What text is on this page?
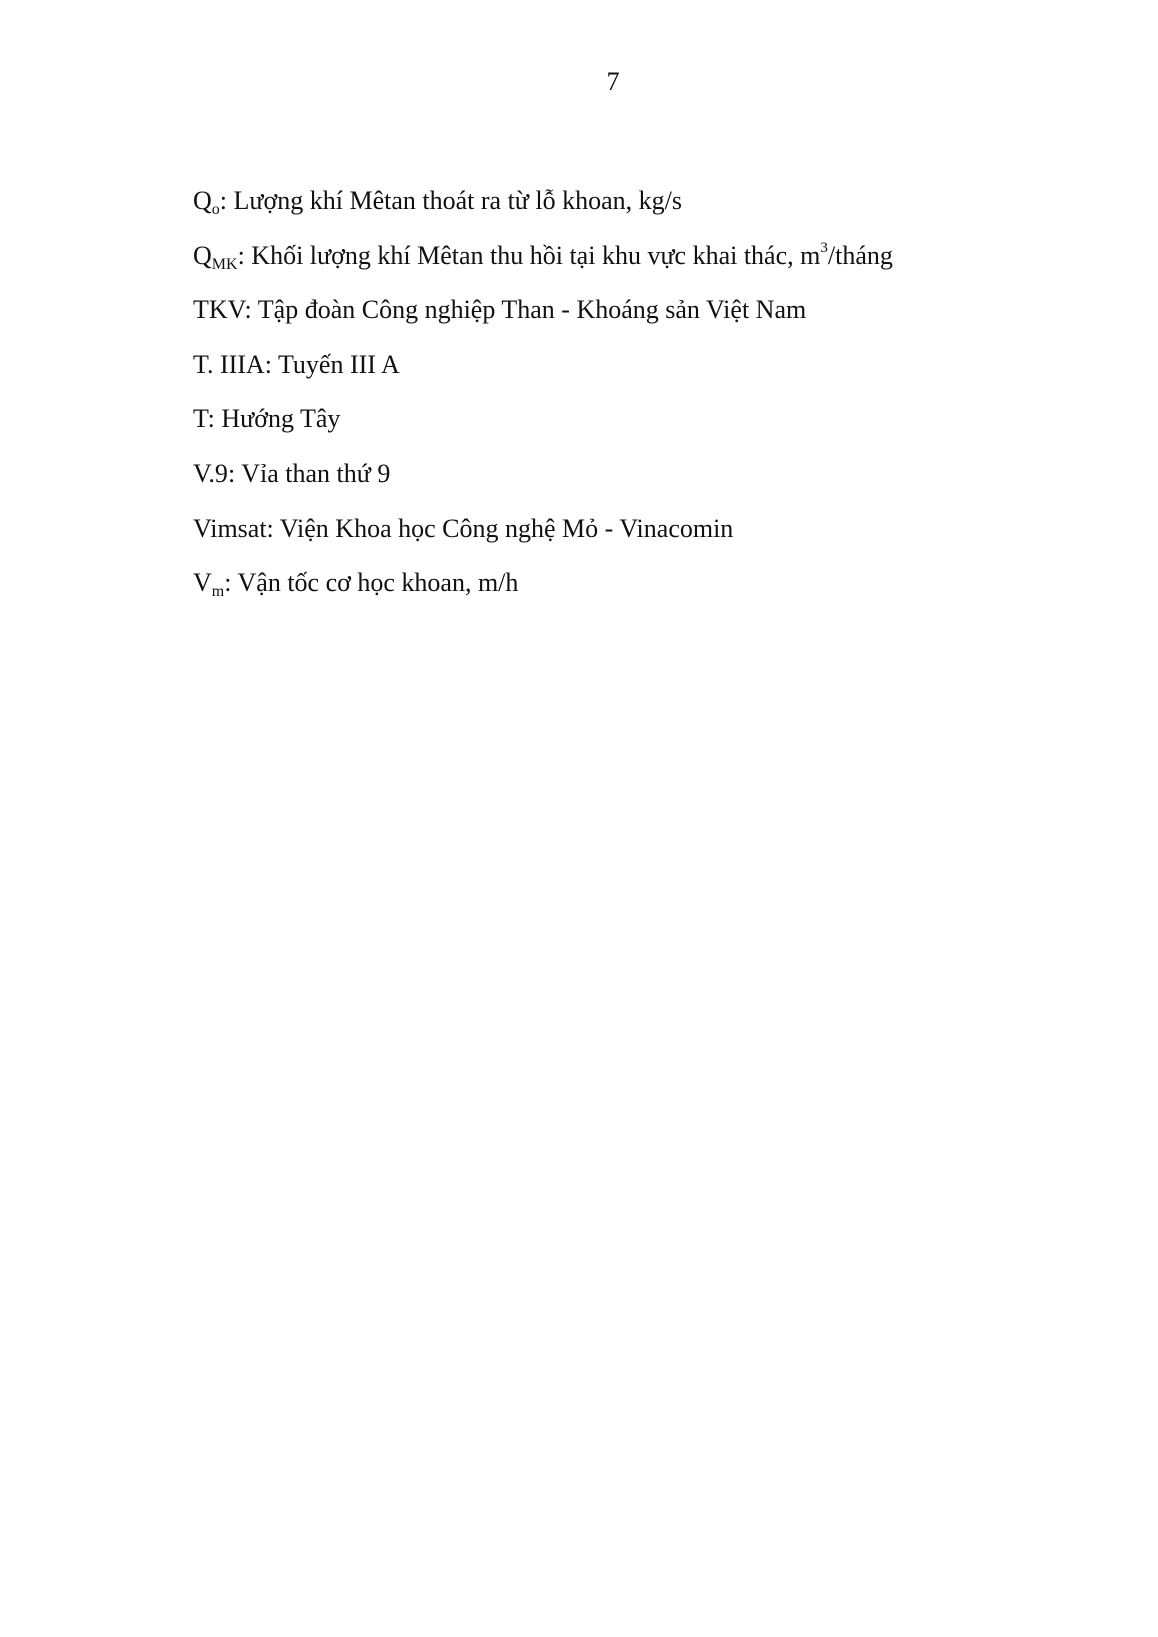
7
$Q_o$: Lượng khí Mêtan thoát ra từ lỗ khoan, kg/s
$Q_{MK}$: Khối lượng khí Mêtan thu hồi tại khu vực khai thác, $m^3$/tháng
TKV: Tập đoàn Công nghiệp Than - Khoáng sản Việt Nam
T. IIIA: Tuyến III A
T: Hướng Tây
V.9: Vỉa than thứ 9
Vimsat: Viện Khoa học Công nghệ Mỏ - Vinacomin
$V_m$: Vận tốc cơ học khoan, m/h
